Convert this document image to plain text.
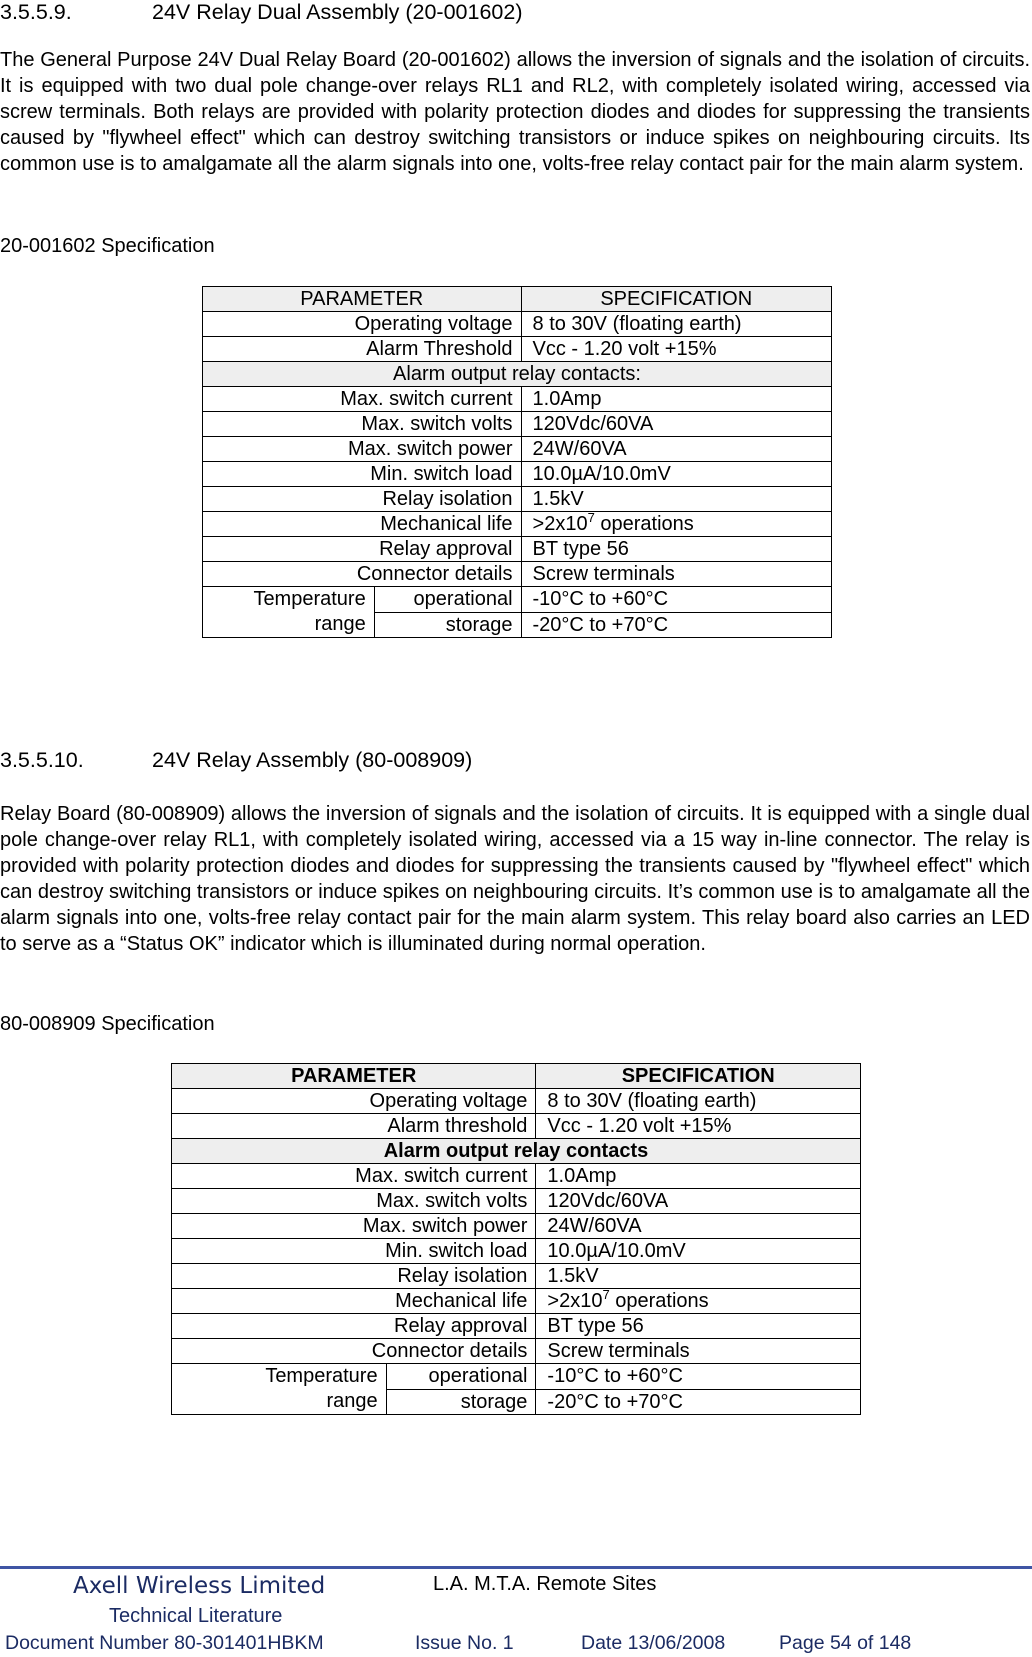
3.5.5.9.	24V Relay Dual Assembly (20-001602)

The General Purpose 24V Dual Relay Board (20-001602) allows the inversion of signals and the isolation of circuits. It is equipped with two dual pole change-over relays RL1 and RL2, with completely isolated wiring, accessed via screw terminals. Both relays are provided with polarity protection diodes and diodes for suppressing the transients caused by "flywheel effect" which can destroy switching transistors or induce spikes on neighbouring circuits. Its common use is to amalgamate all the alarm signals into one, volts-free relay contact pair for the main alarm system.

20-001602 Specification

PARAMETER		SPECIFICATION
Operating voltage		8 to 30V (floating earth)
Alarm Threshold		Vcc - 1.20 volt +15%
Alarm output relay contacts:		
Max. switch current		1.0Amp
Max. switch volts		120Vdc/60VA
Max. switch power		24W/60VA
Min. switch load		10.0µA/10.0mV
Relay isolation		1.5kV
Mechanical life		$>2x10^7$ operations
Relay approval		BT type 56
Connector details		Screw terminals

Temperature
range	operational	-10°C to +60°C
	storage	-20°C to +70°C
3.5.5.10.	24V Relay Assembly (80-008909)

Relay Board (80-008909) allows the inversion of signals and the isolation of circuits. It is equipped with a single dual pole change-over relay RL1, with completely isolated wiring, accessed via a 15 way in-line connector. The relay is provided with polarity protection diodes and diodes for suppressing the transients caused by "flywheel effect" which can destroy switching transistors or induce spikes on neighbouring circuits. It’s common use is to amalgamate all the alarm signals into one, volts-free relay contact pair for the main alarm system. This relay board also carries an LED to serve as a “Status OK” indicator which is illuminated during normal operation.

80-008909 Specification

PARAMETER		SPECIFICATION
Operating voltage		8 to 30V (floating earth)
Alarm threshold		Vcc - 1.20 volt +15%
Alarm output relay contacts		
Max. switch current		1.0Amp
Max. switch volts		120Vdc/60VA
Max. switch power		24W/60VA
Min. switch load		10.0µA/10.0mV
Relay isolation		1.5kV
Mechanical life		$>2x10^7$ operations
Relay approval		BT type 56
Connector details		Screw terminals

Temperature
range	operational	-10°C to +60°C
	storage	-20°C to +70°C
Axell Wireless Limited	L.A. M.T.A. Remote Sites
Technical Literature
Document Number 80-301401HBKM	Issue No. 1	Date 13/06/2008	Page 54 of 148
